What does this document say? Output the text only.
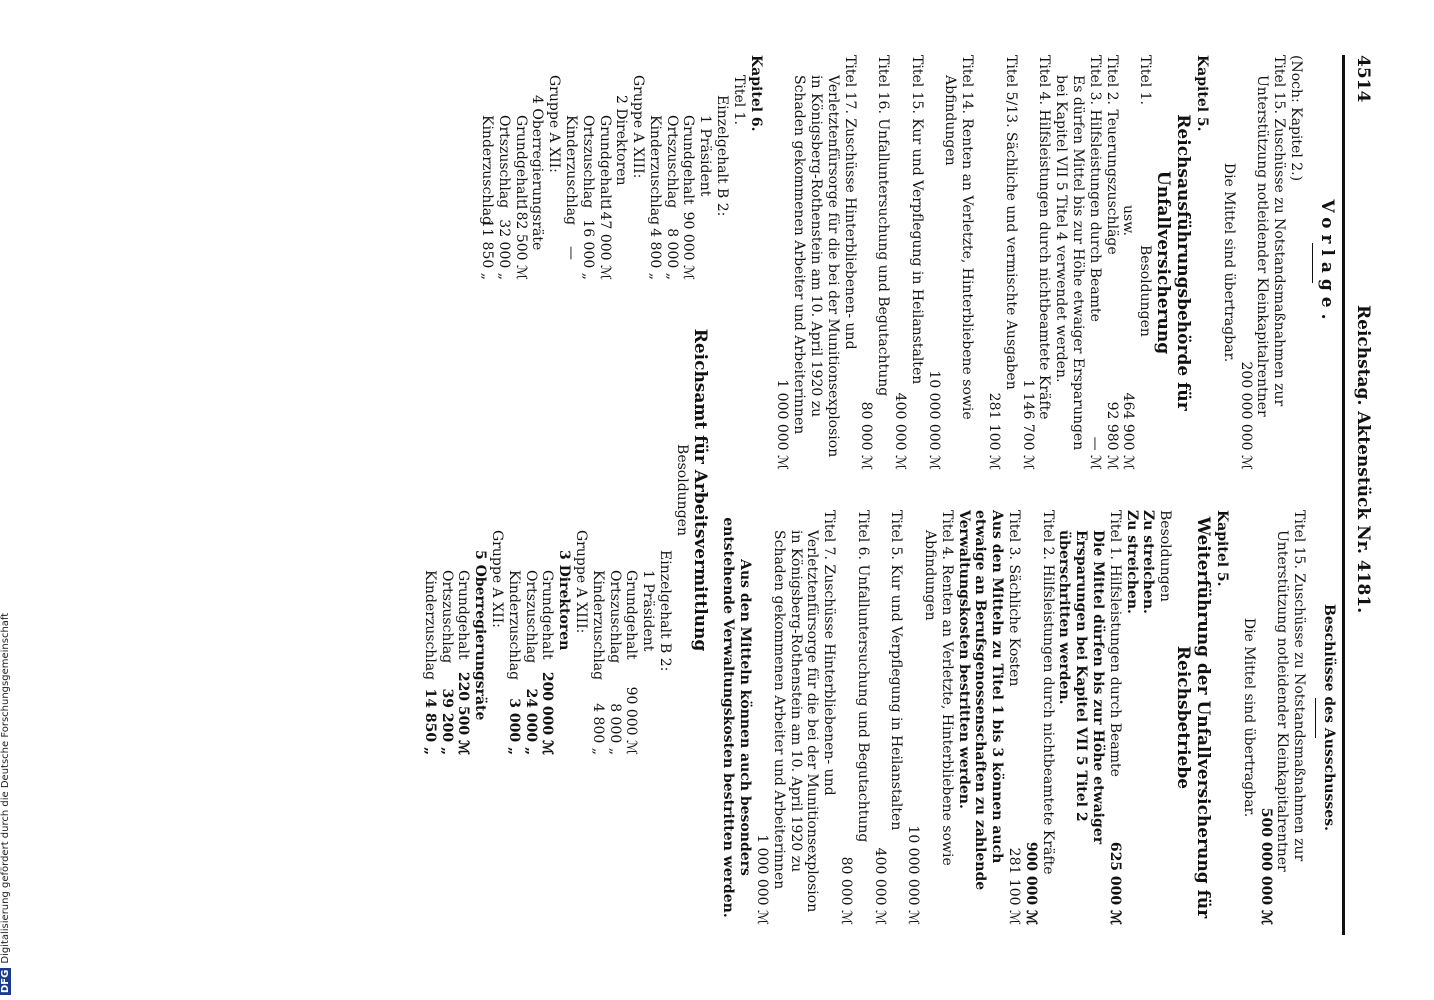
4514
Reichstag. Aktenstück Nr. 4181.
Vorlage.
(Noch: Kapitel 2.)
Titel 15. Zuschüsse zu Notstandsmaßnahmen zur Unterstützung notleidender Kleinkapitalrentner
200 000 000 ℳ
Die Mittel sind übertragbar.
Kapitel 5.
Reichsausführungsbehörde für Unfallversicherung
Titel 1.
Besoldungen
usw.
464 900 ℳ
Titel 2. Teuerungszuschläge
92 980 ℳ
Titel 3. Hilfsleistungen durch Beamte
— ℳ
Es dürfen Mittel bis zur Höhe etwaiger Ersparungen bei Kapitel VII 5 Titel 4 verwendet werden.
Titel 4. Hilfsleistungen durch nichtbeamtete Kräfte
1 146 700 ℳ
Titel 5/13. Sächliche und vermischte Ausgaben
281 100 ℳ
Titel 14. Renten an Verletzte, Hinterbliebene sowie Abfindungen
10 000 000 ℳ
Titel 15. Kur und Verpflegung in Heilanstalten
400 000 ℳ
Titel 16. Unfalluntersuchung und Begutachtung
80 000 ℳ
Titel 17. Zuschüsse Hinterbliebenen- und Verletztenfürsorge für die bei der Munitionsexplosion in Königsberg-Rothenstein am 10. April 1920 zu Schaden gekommenen Arbeiter und Arbeiterinnen
1 000 000 ℳ
Kapitel 6.
Titel 1.
Einzelgehalt B 2:
1 Präsident
Grundgehalt
90 000 ℳ
Ortszuschlag
8 000 „
Kinderzuschlag
4 800 „
Gruppe A XIII:
2 Direktoren
Grundgehalt
147 000 ℳ
Ortszuschlag
16 000 „
Kinderzuschlag
—
Gruppe A XII:
4 Oberregierungsräte
Grundgehalt
182 500 ℳ
Ortszuschlag
32 000 „
Kinderzuschlag
11 850 „
Beschlüsse des Ausschusses.
Titel 15. Zuschüsse zu Notstandsmaßnahmen zur Unterstützung notleidender Kleinkapitalrentner
500 000 000 ℳ
Die Mittel sind übertragbar.
Kapitel 5.
Weiterführung der Unfallversicherung für Reichsbetriebe
Besoldungen
Zu streichen.
Zu streichen.
Titel 1. Hilfsleistungen durch Beamte
625 000 ℳ
Die Mittel dürfen bis zur Höhe etwaiger Ersparungen bei Kapitel VII 5 Titel 2 überschritten werden.
Titel 2. Hilfsleistungen durch nichtbeamtete Kräfte
900 000 ℳ
Titel 3. Sächliche Kosten
281 100 ℳ
Aus den Mitteln zu Titel 1 bis 3 können auch etwaige an Berufsgenossenschaften zu zahlende Verwaltungskosten bestritten werden.
Titel 4. Renten an Verletzte, Hinterbliebene sowie Abfindungen
10 000 000 ℳ
Titel 5. Kur und Verpflegung in Heilanstalten
400 000 ℳ
Titel 6. Unfalluntersuchung und Begutachtung
80 000 ℳ
Titel 7. Zuschüsse Hinterbliebenen- und Verletztenfürsorge für die bei der Munitionsexplosion in Königsberg-Rothenstein am 10. April 1920 zu Schaden gekommenen Arbeiter und Arbeiterinnen
1 000 000 ℳ
Aus den Mitteln können auch besonders entstehende Verwaltungskosten bestritten werden.
Reichsamt für Arbeitsvermittlung
Besoldungen
Einzelgehalt B 2:
1 Präsident
Grundgehalt
90 000 ℳ
Ortszuschlag
8 000 „
Kinderzuschlag
4 800 „
Gruppe A XIII:
3 Direktoren
Grundgehalt
200 000 ℳ
Ortszuschlag
24 000 „
Kinderzuschlag
3 000 „
Gruppe A XII:
5 Oberregierungsräte
Grundgehalt
220 500 ℳ
Ortszuschlag
39 200 „
Kinderzuschlag
14 850 „
DFGDigitalisierung gefördert durch die Deutsche Forschungsgemeinschaft
